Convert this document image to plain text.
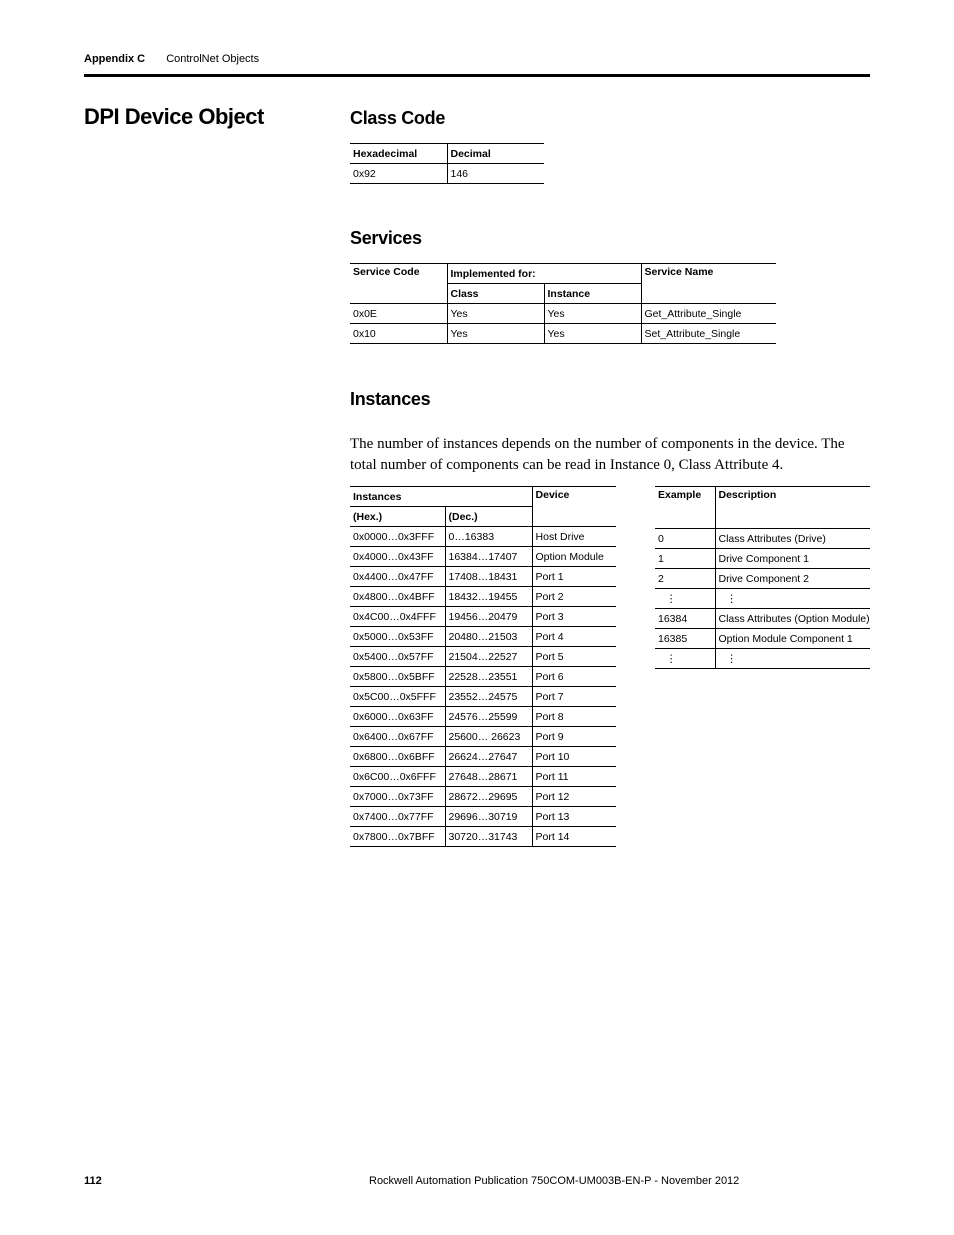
Appendix C ControlNet Objects
DPI Device Object	Class Code
Hexadecimal	Decimal
0x92	146
Services
Service Code	Implemented for:		Service Name
	Class	Instance	
0x0E	Yes	Yes	Get_Attribute_Single
0x10	Yes	Yes	Set_Attribute_Single
Instances
The number of instances depends on the number of components in the device. The total number of components can be read in Instance 0, Class Attribute 4.
Instances		Device
(Hex.)	(Dec.)	
0x0000…0x3FFF	0…16383	Host Drive
0x4000…0x43FF	16384…17407	Option Module
0x4400…0x47FF	17408…18431	Port 1
0x4800…0x4BFF	18432…19455	Port 2
0x4C00…0x4FFF	19456…20479	Port 3
0x5000…0x53FF	20480…21503	Port 4
0x5400…0x57FF	21504…22527	Port 5
0x5800…0x5BFF	22528…23551	Port 6
0x5C00…0x5FFF	23552…24575	Port 7
0x6000…0x63FF	24576…25599	Port 8
0x6400…0x67FF	25600… 26623	Port 9
0x6800…0x6BFF	26624…27647	Port 10
0x6C00…0x6FFF	27648…28671	Port 11
0x7000…0x73FF	28672…29695	Port 12
0x7400…0x77FF	29696…30719	Port 13
0x7800…0x7BFF	30720…31743	Port 14
Example	Description
0	Class Attributes (Drive)
1	Drive Component 1
2	Drive Component 2
⋮	⋮
16384	Class Attributes (Option Module)
16385	Option Module Component 1
⋮	⋮
112	Rockwell Automation Publication 750COM-UM003B-EN-P - November 2012
